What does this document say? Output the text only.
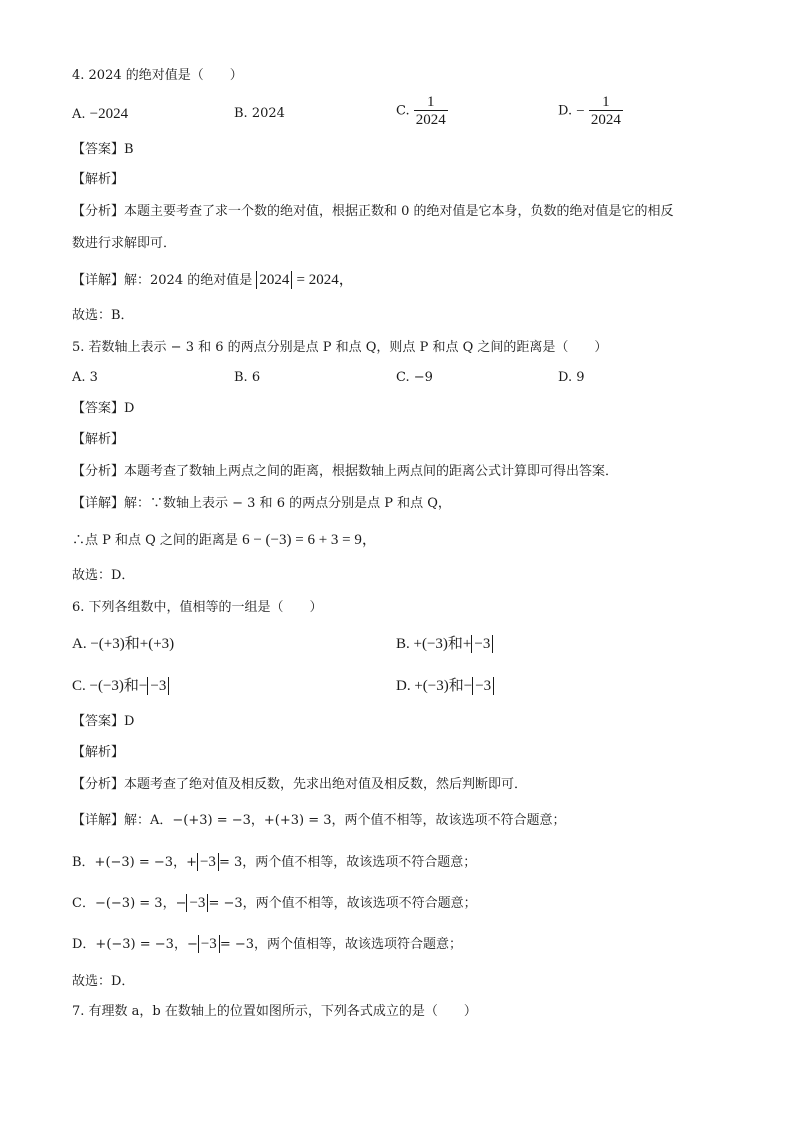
4. 2024 的绝对值是（　　）
A. −2024	B. 2024	C. $\frac{1}{2024}$	D. − $\frac{1}{2024}$
【答案】B
【解析】
【分析】本题主要考查了求一个数的绝对值，根据正数和 0 的绝对值是它本身，负数的绝对值是它的相反
数进行求解即可．
【详解】解：2024 的绝对值是 2024 = 2024，
故选：B．
5. 若数轴上表示 − 3 和 6 的两点分别是点 P 和点 Q，则点 P 和点 Q 之间的距离是（　　）
A. 3	B. 6	C. −9	D. 9
【答案】D
【解析】
【分析】本题考查了数轴上两点之间的距离，根据数轴上两点间的距离公式计算即可得出答案．
【详解】解：∵数轴上表示 − 3 和 6 的两点分别是点 P 和点 Q，
∴点 P 和点 Q 之间的距离是 6 − (−3) = 6 + 3 = 9，
故选：D．
6. 下列各组数中，值相等的一组是（　　）
A. −(+3)和+(+3)	B. +(−3)和+ −3
C. −(−3)和− −3	D. +(−3)和− −3
【答案】D
【解析】
【分析】本题考查了绝对值及相反数，先求出绝对值及相反数，然后判断即可．
【详解】解：A．−(+3) = −3，+(+3) = 3，两个值不相等，故该选项不符合题意；
B．+(−3) = −3，+ −3 = 3，两个值不相等，故该选项不符合题意；
C．−(−3) = 3，− −3 = −3，两个值不相等，故该选项不符合题意；
D．+(−3) = −3，− −3 = −3，两个值相等，故该选项符合题意；
故选：D．
7. 有理数 a，b 在数轴上的位置如图所示，下列各式成立的是（　　）
